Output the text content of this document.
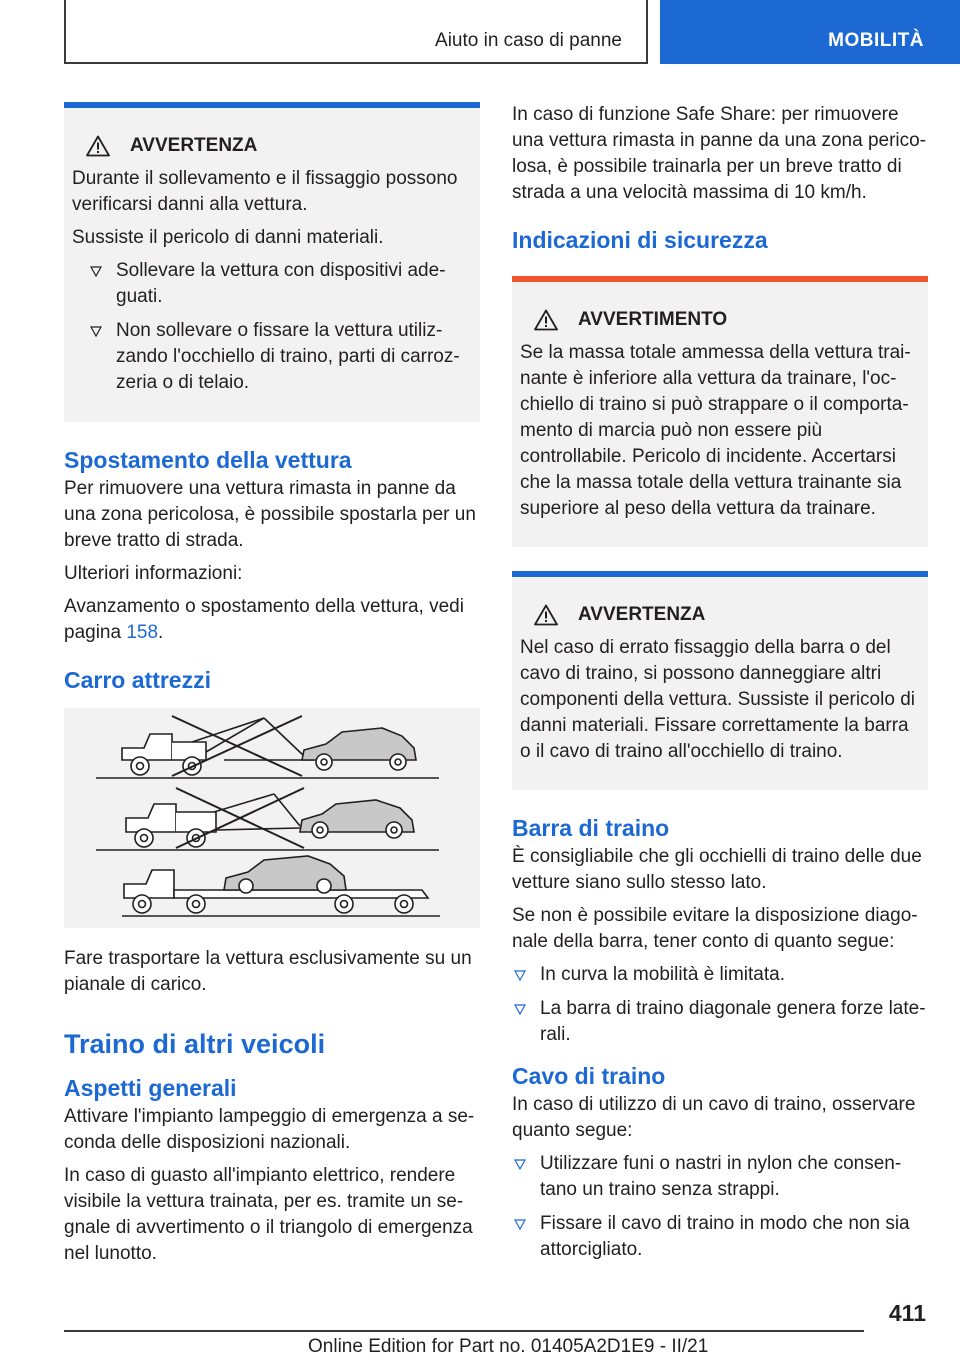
Aiuto in caso di panne	MOBILITÀ
AVVERTENZA

Durante il sollevamento e il fissaggio possono verificarsi danni alla vettura.

Sussiste il pericolo di danni materiali.

Sollevare la vettura con dispositivi adeguati.
Non sollevare o fissare la vettura utilizzando l'occhiello di traino, parti di carrozzeria o di telaio.
Spostamento della vettura

Per rimuovere una vettura rimasta in panne da una zona pericolosa, è possibile spostarla per un breve tratto di strada.

Ulteriori informazioni:

Avanzamento o spostamento della vettura, vedi pagina 158.

Carro attrezzi

Fare trasportare la vettura esclusivamente su un pianale di carico.

Traino di altri veicoli
Aspetti generali

Attivare l'impianto lampeggio di emergenza a seconda delle disposizioni nazionali.

In caso di guasto all'impianto elettrico, rendere visibile la vettura trainata, per es. tramite un segnale di avvertimento o il triangolo di emergenza nel lunotto.

In caso di funzione Safe Share: per rimuovere una vettura rimasta in panne da una zona pericolosa, è possibile trainarla per un breve tratto di strada a una velocità massima di 10 km/h.

Indicazioni di sicurezza
AVVERTIMENTO

Se la massa totale ammessa della vettura trainante è inferiore alla vettura da trainare, l'occhiello di traino si può strappare o il comportamento di marcia può non essere più controllabile. Pericolo di incidente. Accertarsi che la massa totale della vettura trainante sia superiore al peso della vettura da trainare.

AVVERTENZA

Nel caso di errato fissaggio della barra o del cavo di traino, si possono danneggiare altri componenti della vettura. Sussiste il pericolo di danni materiali. Fissare correttamente la barra o il cavo di traino all'occhiello di traino.

Barra di traino

È consigliabile che gli occhielli di traino delle due vetture siano sullo stesso lato.

Se non è possibile evitare la disposizione diagonale della barra, tener conto di quanto segue:

In curva la mobilità è limitata.
La barra di traino diagonale genera forze laterali.
Cavo di traino

In caso di utilizzo di un cavo di traino, osservare quanto segue:

Utilizzare funi o nastri in nylon che consentano un traino senza strappi.
Fissare il cavo di traino in modo che non sia attorcigliato.
411
Online Edition for Part no. 01405A2D1E9 - II/21
